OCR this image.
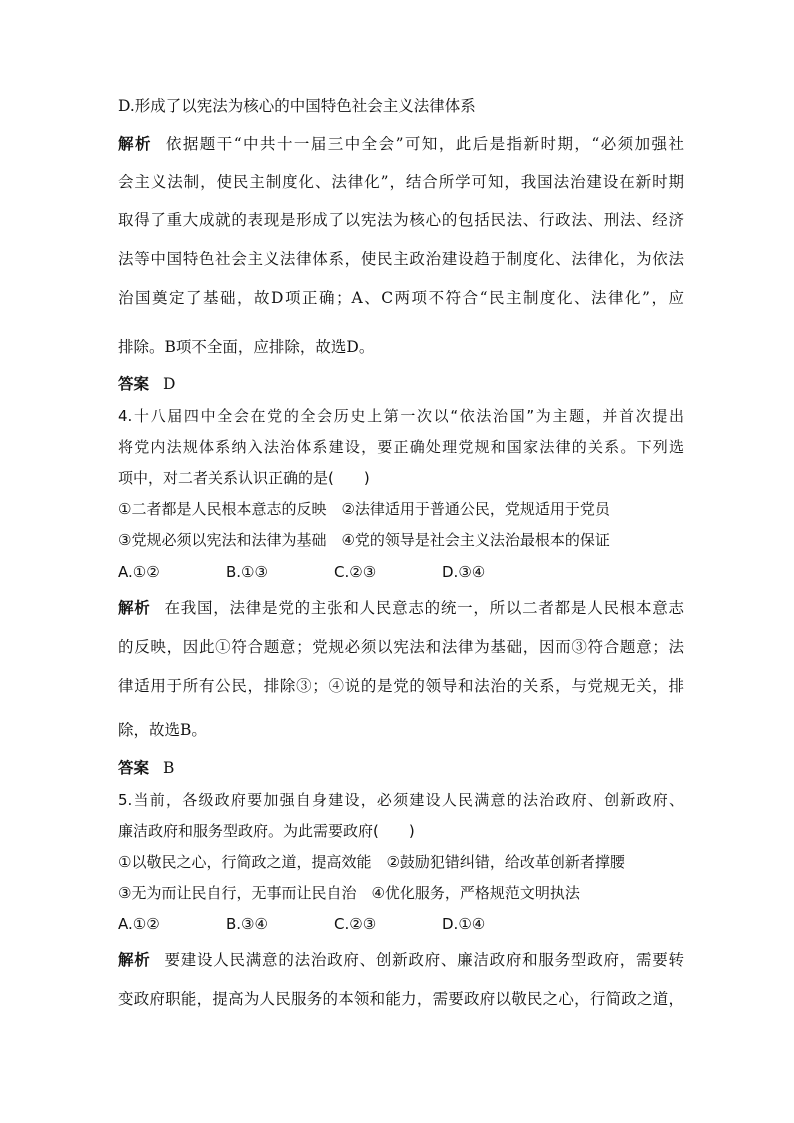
D.形成了以宪法为核心的中国特色社会主义法律体系
解析 依据题干“中共十一届三中全会”可知，此后是指新时期，“必须加强社
会主义法制，使民主制度化、法律化”，结合所学可知，我国法治建设在新时期
取得了重大成就的表现是形成了以宪法为核心的包括民法、行政法、刑法、经济
法等中国特色社会主义法律体系，使民主政治建设趋于制度化、法律化，为依法
治国奠定了基础，故D项正确；A、C两项不符合“民主制度化、法律化”，应
排除。B项不全面，应排除，故选D。
答案 D
4.十八届四中全会在党的全会历史上第一次以“依法治国”为主题，并首次提出
将党内法规体系纳入法治体系建设，要正确处理党规和国家法律的关系。下列选
项中，对二者关系认识正确的是(　　)
①二者都是人民根本意志的反映　②法律适用于普通公民，党规适用于党员
③党规必须以宪法和法律为基础　④党的领导是社会主义法治最根本的保证
A.①②	B.①③	C.②③	D.③④
解析 在我国，法律是党的主张和人民意志的统一，所以二者都是人民根本意志
的反映，因此①符合题意；党规必须以宪法和法律为基础，因而③符合题意；法
律适用于所有公民，排除③；④说的是党的领导和法治的关系，与党规无关，排
除，故选B。
答案 B
5.当前，各级政府要加强自身建设，必须建设人民满意的法治政府、创新政府、
廉洁政府和服务型政府。为此需要政府(　　)
①以敬民之心，行简政之道，提高效能　②鼓励犯错纠错，给改革创新者撑腰
③无为而让民自行，无事而让民自治　④优化服务，严格规范文明执法
A.①②	B.③④	C.②③	D.①④
解析 要建设人民满意的法治政府、创新政府、廉洁政府和服务型政府，需要转
变政府职能，提高为人民服务的本领和能力，需要政府以敬民之心，行简政之道，
